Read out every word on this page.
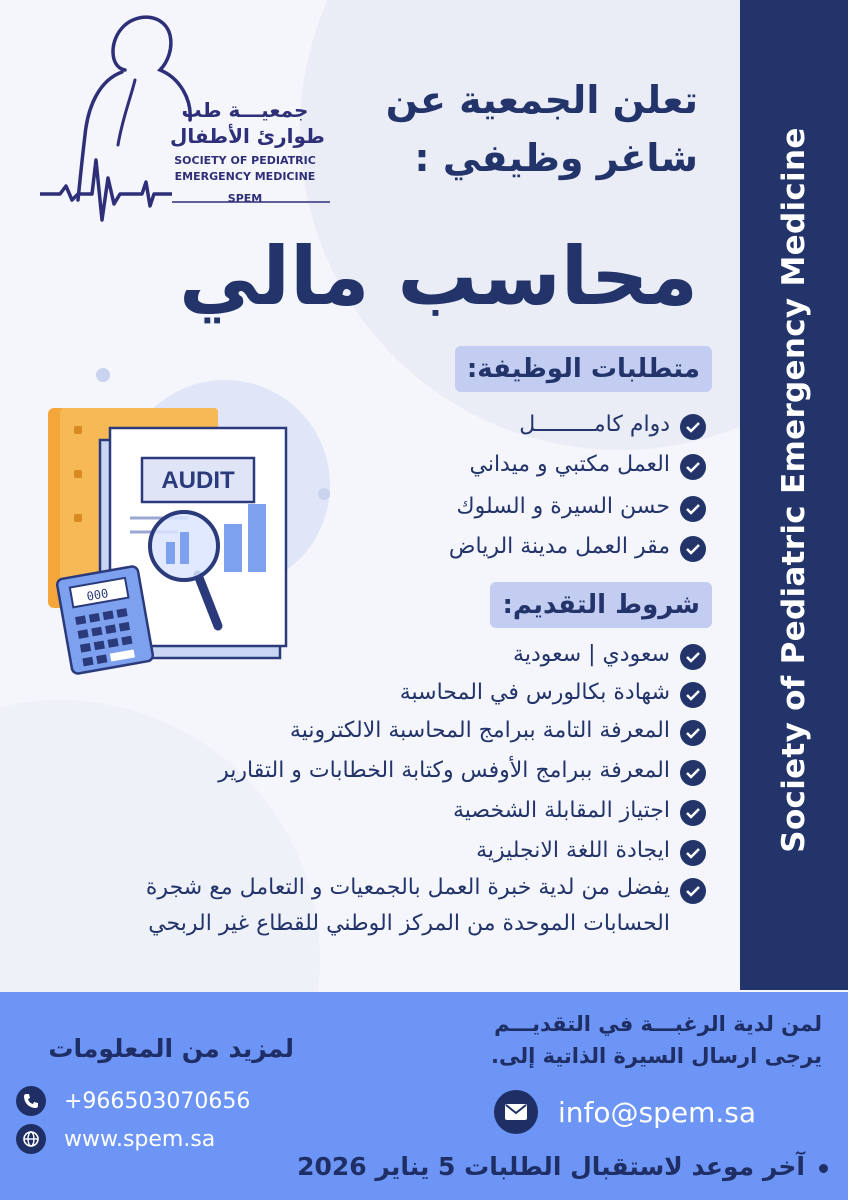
Society of Pediatric Emergency Medicine
جمعيـــة طب
طوارئ الأطفال
SOCIETY OF PEDIATRIC
EMERGENCY MEDICINE
SPEM
تعلن الجمعية عن
شاغر وظيفي :
محاسب مالي
متطلبات الوظيفة:
دوام كامـــــــــل
العمل مكتبي و ميداني
حسن السيرة و السلوك
مقر العمل مدينة الرياض
شروط التقديم:
سعودي | سعودية
شهادة بكالورس في المحاسبة
المعرفة التامة ببرامج المحاسبة الالكترونية
المعرفة ببرامج الأوفس وكتابة الخطابات و التقارير
اجتياز المقابلة الشخصية
ايجادة اللغة الانجليزية
يفضل من لدية خبرة العمل بالجمعيات و التعامل مع شجرة الحسابات الموحدة من المركز الوطني للقطاع غير الربحي
AUDIT
000
لمزيد من المعلومات
لمن لدية الرغبـــة في التقديـــم
يرجى ارسال السيرة الذاتية إلى.
+966503070656
www.spem.sa
info@spem.sa
آخر موعد لاستقبال الطلبات 5 يناير 2026
